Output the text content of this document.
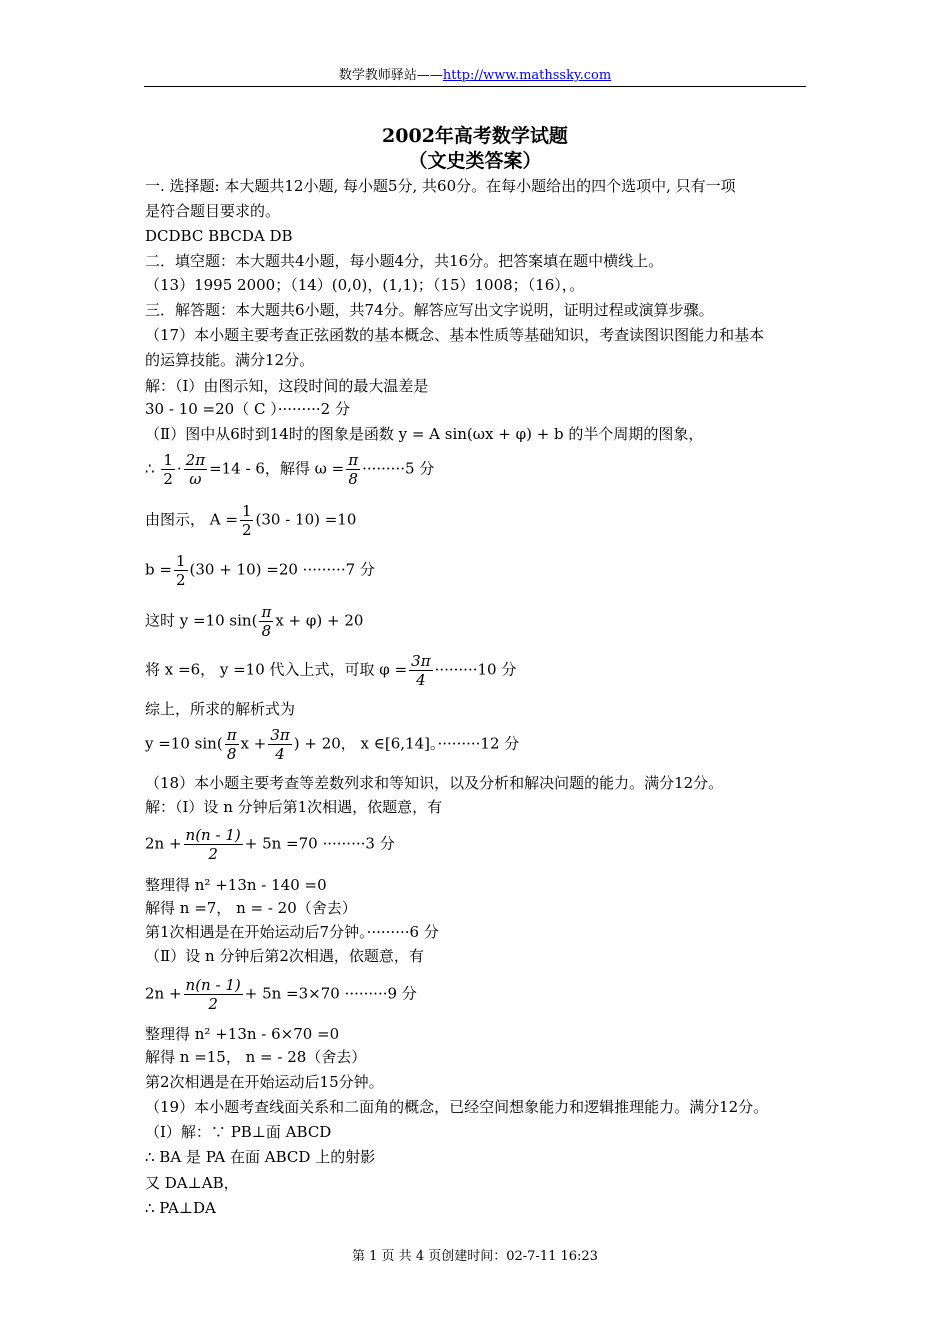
数学教师驿站——http://www.mathssky.com
2002年高考数学试题
（文史类答案）
一. 选择题: 本大题共12小题, 每小题5分, 共60分。在每小题给出的四个选项中, 只有一项
是符合题目要求的。
DCDBC BBCDA DB
二．填空题：本大题共4小题，每小题4分，共16分。把答案填在题中横线上。
（13）1995 2000；（14）(0,0)，(1,1)；（15）1008；（16），。
三．解答题：本大题共6小题，共74分。解答应写出文字说明，证明过程或演算步骤。
（17）本小题主要考查正弦函数的基本概念、基本性质等基础知识，考查读图识图能力和基本
的运算技能。满分12分。
解：（Ⅰ）由图示知，这段时间的最大温差是
30 - 10 =20（ C ）·········2 分
（Ⅱ）图中从6时到14时的图象是函数 y = A sin(ωx + φ) + b 的半个周期的图象，
∴ $\frac{1}{2} \cdot \frac{2\pi}{\omega} =14 - 6$，解得 $\omega = \frac{\pi}{8} \cdot\cdot\cdot\cdot\cdot\cdot\cdot\cdot\cdot 5$ 分
由图示， $A = \frac{1}{2} (30 - 10) =10$
$b = \frac{1}{2} (30 + 10) =20 \cdot\cdot\cdot\cdot\cdot\cdot\cdot\cdot\cdot 7$ 分
这时 y =10 $\sin( \frac{\pi}{8}$ x + φ) + 20
将 x =6， y =10 代入上式，可取 $\varphi = \frac{3\pi}{4} \cdot\cdot\cdot\cdot\cdot\cdot\cdot\cdot\cdot 10$ 分
综上，所求的解析式为
y =10 $\sin( \frac{\pi}{8}$ $x + \frac{3\pi}{4}$ ) + 20， x ∈[6,14]。·········12 分
（18）本小题主要考查等差数列求和等知识，以及分析和解决问题的能力。满分12分。
解：（Ⅰ）设 n 分钟后第1次相遇，依题意，有
$2n + \frac{n(n - 1)}{2} + 5n =70 \cdot\cdot\cdot\cdot\cdot\cdot\cdot\cdot\cdot 3$ 分
整理得 n² +13n - 140 =0
解得 n =7， n = - 20（舍去）
第1次相遇是在开始运动后7分钟。·········6 分
（Ⅱ）设 n 分钟后第2次相遇，依题意，有
$2n + \frac{n(n - 1)}{2} + 5n =3\times 70 \cdot\cdot\cdot\cdot\cdot\cdot\cdot\cdot\cdot 9$ 分
整理得 n² +13n - 6×70 =0
解得 n =15， n = - 28（舍去）
第2次相遇是在开始运动后15分钟。
（19）本小题考查线面关系和二面角的概念，已经空间想象能力和逻辑推理能力。满分12分。
（Ⅰ）解：∵ PB⊥面 ABCD
∴ BA 是 PA 在面 ABCD 上的射影
又 DA⊥AB，
∴ PA⊥DA
第 1 页 共 4 页创建时间：02-7-11 16:23
